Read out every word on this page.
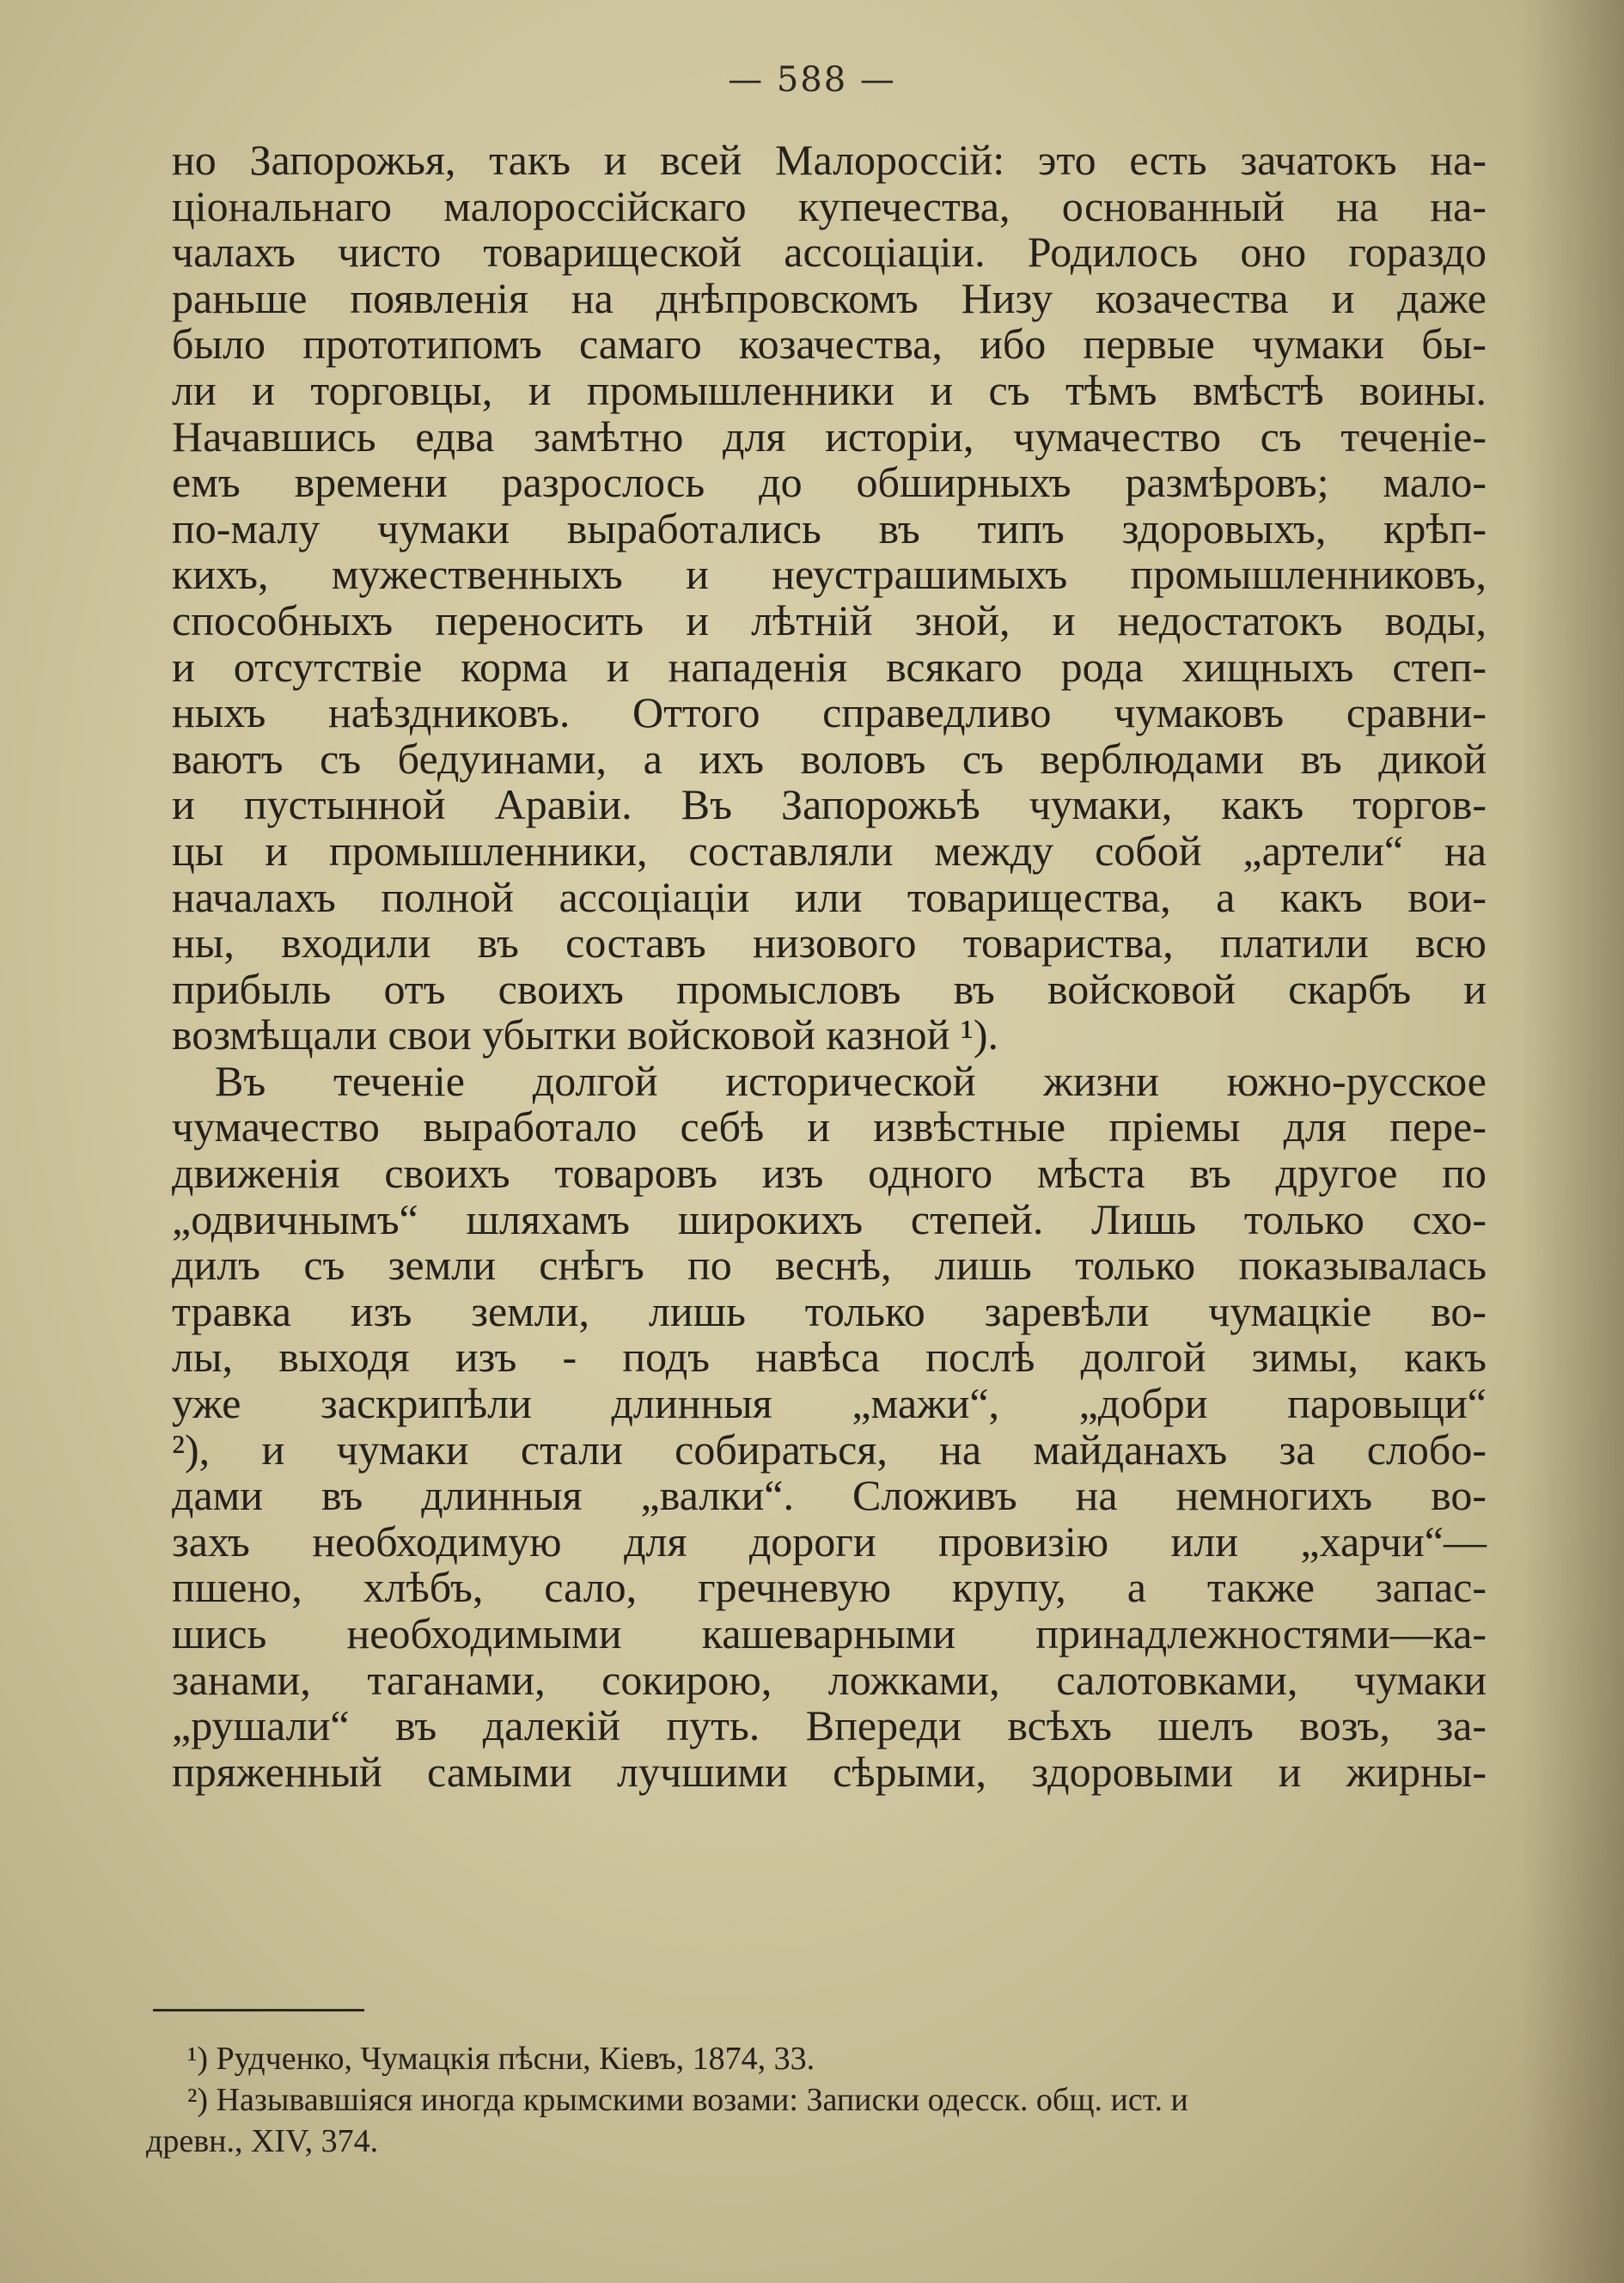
— 588 —
но Запорожья, такъ и всей Малороссій: это есть зачатокъ на-
ціональнаго малороссійскаго купечества, основанный на на-
чалахъ чисто товарищеской ассоціаціи. Родилось оно гораздо
раньше появленія на днѣпровскомъ Низу козачества и даже
было прототипомъ самаго козачества, ибо первые чумаки бы-
ли и торговцы, и промышленники и съ тѣмъ вмѣстѣ воины.
Начавшись едва замѣтно для исторіи, чумачество съ теченіе-
емъ времени разрослось до обширныхъ размѣровъ; мало-
по-малу чумаки выработались въ типъ здоровыхъ, крѣп-
кихъ, мужественныхъ и неустрашимыхъ промышленниковъ,
способныхъ переносить и лѣтній зной, и недостатокъ воды,
и отсутствіе корма и нападенія всякаго рода хищныхъ степ-
ныхъ наѣздниковъ. Оттого справедливо чумаковъ сравни-
ваютъ съ бедуинами, а ихъ воловъ съ верблюдами въ дикой
и пустынной Аравіи. Въ Запорожьѣ чумаки, какъ торгов-
цы и промышленники, составляли между собой „артели“ на
началахъ полной ассоціаціи или товарищества, а какъ вои-
ны, входили въ составъ низового товариства, платили всю
прибыль отъ своихъ промысловъ въ войсковой скарбъ и
возмѣщали свои убытки войсковой казной ¹).
Въ теченіе долгой исторической жизни южно-русское
чумачество выработало себѣ и извѣстные пріемы для пере-
движенія своихъ товаровъ изъ одного мѣста въ другое по
„одвичнымъ“ шляхамъ широкихъ степей. Лишь только схо-
дилъ съ земли снѣгъ по веснѣ, лишь только показывалась
травка изъ земли, лишь только заревѣли чумацкіе во-
лы, выходя изъ - подъ навѣса послѣ долгой зимы, какъ
уже заскрипѣли длинныя „мажи“, „добри паровыци“
²), и чумаки стали собираться, на майданахъ за слобо-
дами въ длинныя „валки“. Сложивъ на немногихъ во-
захъ необходимую для дороги провизію или „харчи“—
пшено, хлѣбъ, сало, гречневую крупу, а также запас-
шись необходимыми кашеварными принадлежностями—ка-
занами, таганами, сокирою, ложками, салотовками, чумаки
„рушали“ въ далекій путь. Впереди всѣхъ шелъ возъ, за-
пряженный самыми лучшими сѣрыми, здоровыми и жирны-
¹) Рудченко, Чумацкія пѣсни, Кіевъ, 1874, 33.
²) Называвшіяся иногда крымскими возами: Записки одесск. общ. ист. и
древн., XIV, 374.
